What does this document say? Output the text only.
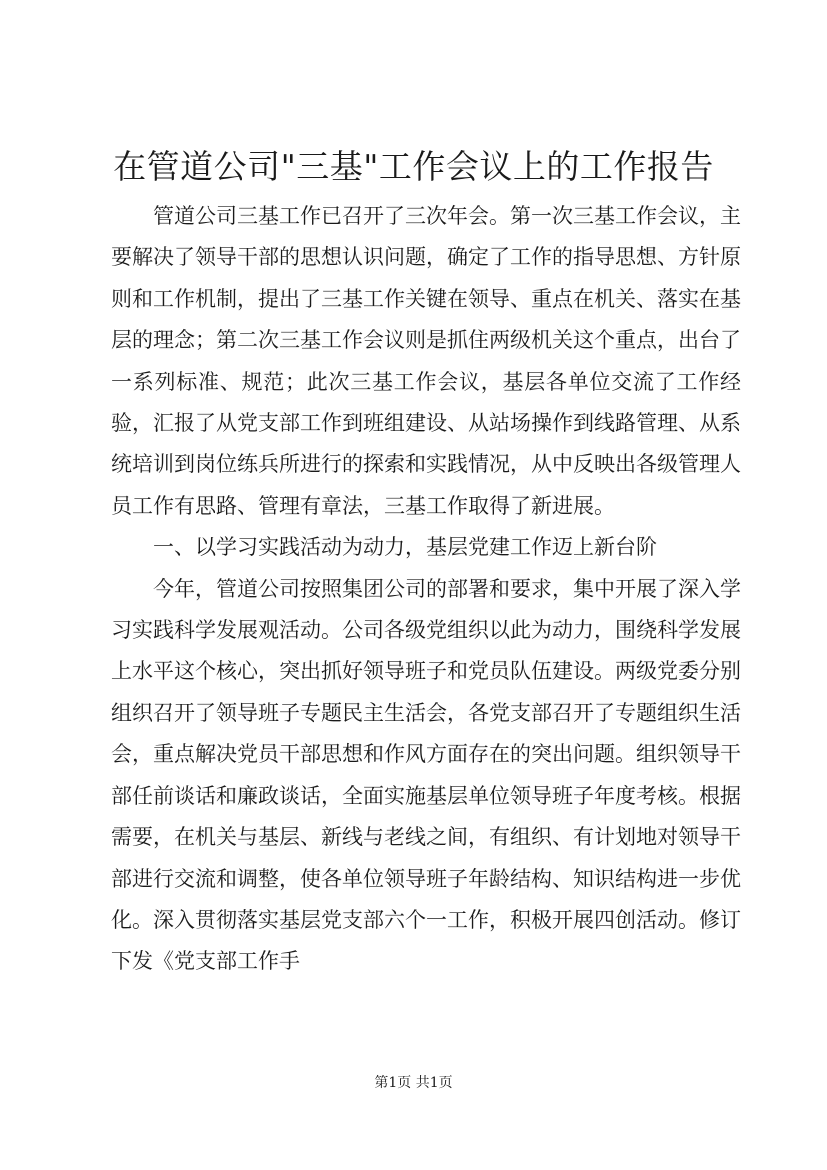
在管道公司"三基"工作会议上的工作报告

管道公司三基工作已召开了三次年会。第一次三基工作会议，主要解决了领导干部的思想认识问题，确定了工作的指导思想、方针原则和工作机制，提出了三基工作关键在领导、重点在机关、落实在基层的理念；第二次三基工作会议则是抓住两级机关这个重点，出台了一系列标准、规范；此次三基工作会议，基层各单位交流了工作经验，汇报了从党支部工作到班组建设、从站场操作到线路管理、从系统培训到岗位练兵所进行的探索和实践情况，从中反映出各级管理人员工作有思路、管理有章法，三基工作取得了新进展。

一、以学习实践活动为动力，基层党建工作迈上新台阶

今年，管道公司按照集团公司的部署和要求，集中开展了深入学习实践科学发展观活动。公司各级党组织以此为动力，围绕科学发展上水平这个核心，突出抓好领导班子和党员队伍建设。两级党委分别组织召开了领导班子专题民主生活会，各党支部召开了专题组织生活会，重点解决党员干部思想和作风方面存在的突出问题。组织领导干部任前谈话和廉政谈话，全面实施基层单位领导班子年度考核。根据需要，在机关与基层、新线与老线之间，有组织、有计划地对领导干部进行交流和调整，使各单位领导班子年龄结构、知识结构进一步优化。深入贯彻落实基层党支部六个一工作，积极开展四创活动。修订下发《党支部工作手

第1页 共1页
